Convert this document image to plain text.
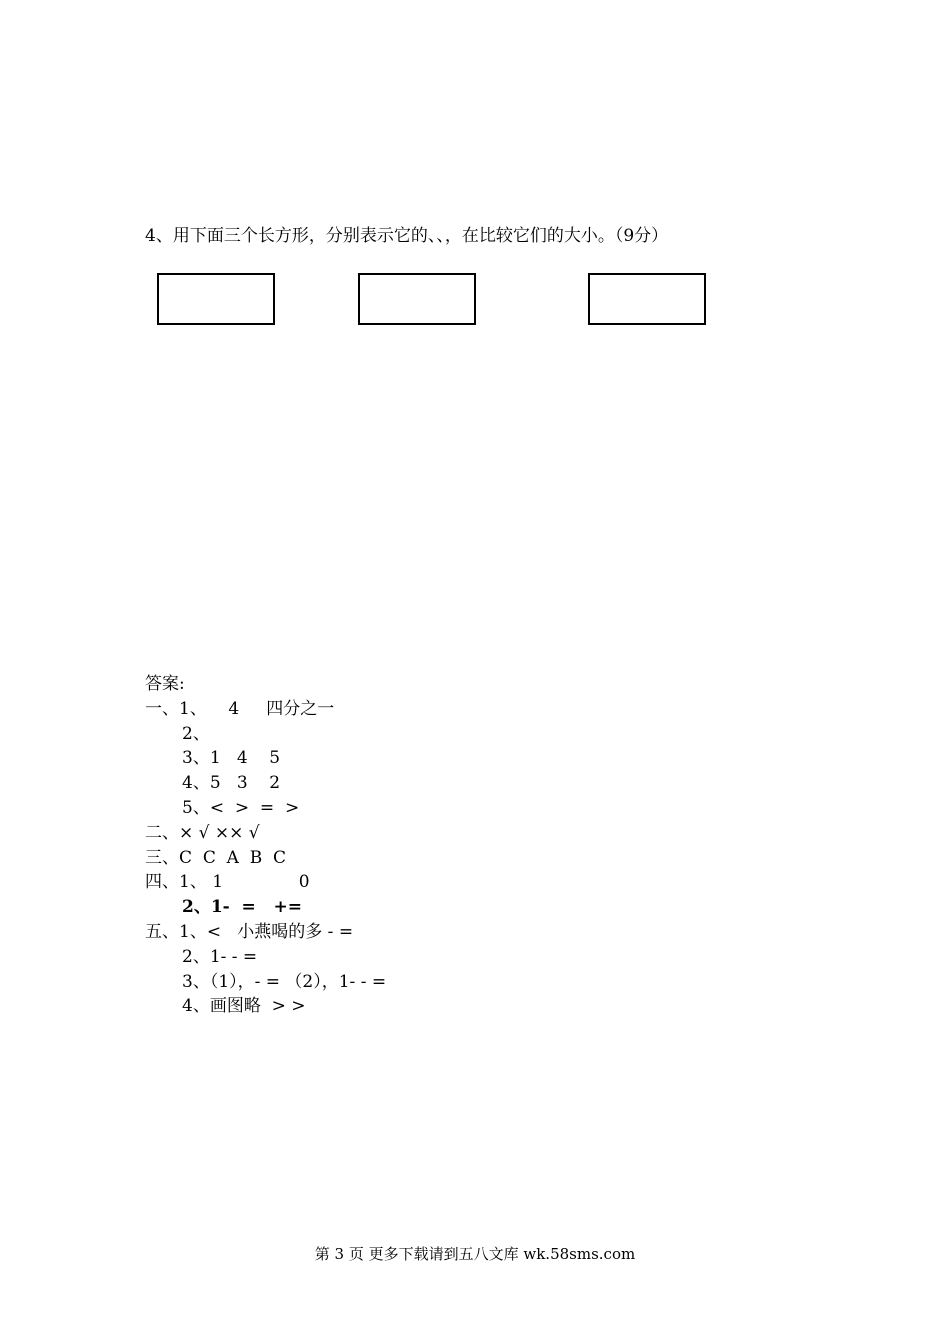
4、用下面三个长方形，分别表示它的、、，在比较它们的大小。（9分）
答案:
一、1、    4     四分之一
2、
3、1   4    5
4、5   3    2
5、<  >  =  >
二、× √ ×× √
三、C  C  A  B  C
四、1、 1              0
2、1-  =   +=
五、1、<   小燕喝的多 - =
2、1- - =
3、（1），- = （2），1- - =
4、画图略  > >
第 3 页 更多下载请到五八文库 wk.58sms.com
